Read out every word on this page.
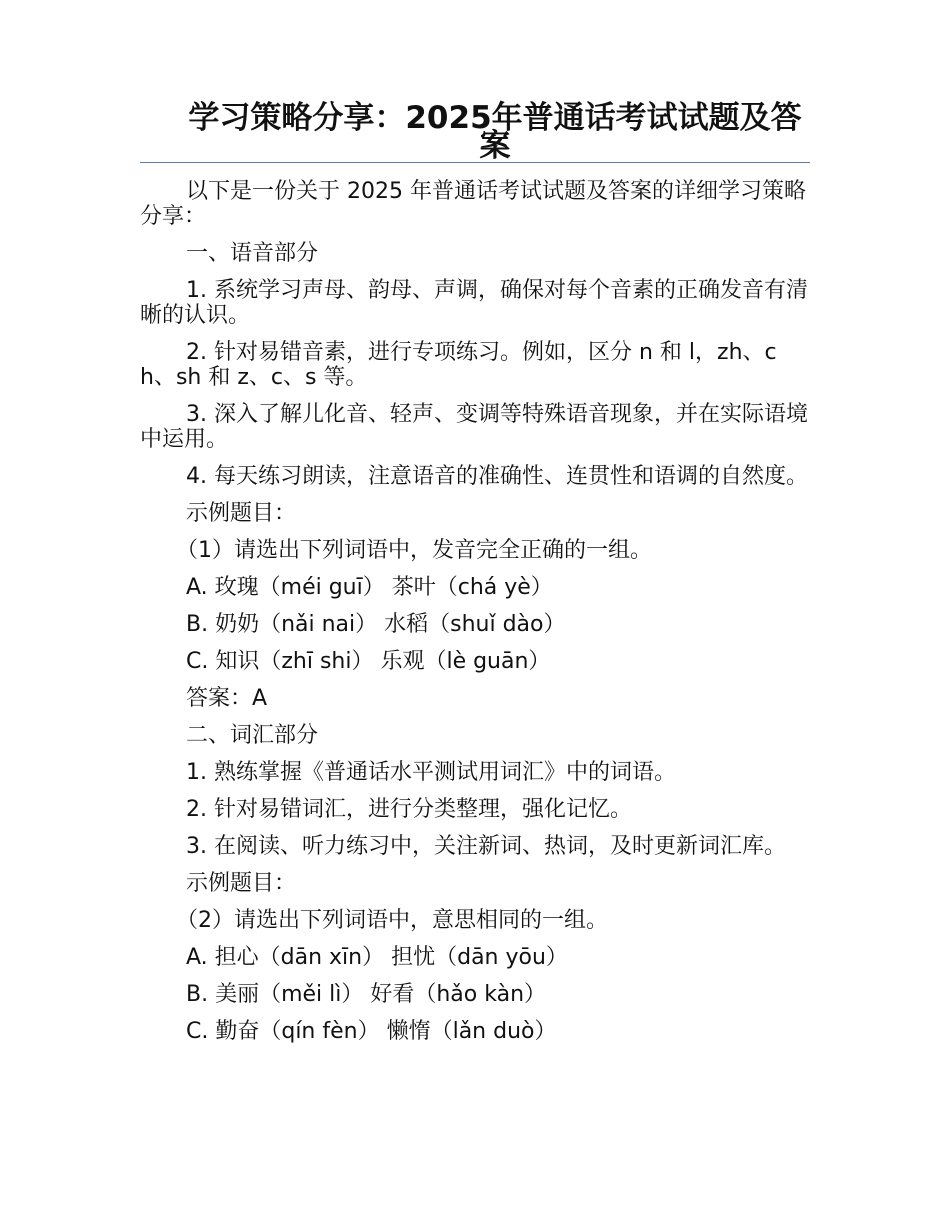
学习策略分享：2025年普通话考试试题及答案

以下是一份关于 2025 年普通话考试试题及答案的详细学习策略分享：

一、语音部分

1. 系统学习声母、韵母、声调，确保对每个音素的正确发音有清晰的认识。

2. 针对易错音素，进行专项练习。例如，区分 n 和 l，zh、ch、sh 和 z、c、s 等。

3. 深入了解儿化音、轻声、变调等特殊语音现象，并在实际语境中运用。

4. 每天练习朗读，注意语音的准确性、连贯性和语调的自然度。

示例题目：

（1）请选出下列词语中，发音完全正确的一组。

A. 玫瑰（méi guī） 茶叶（chá yè）

B. 奶奶（nǎi nai） 水稻（shuǐ dào）

C. 知识（zhī shi） 乐观（lè guān）

答案：A

二、词汇部分

1. 熟练掌握《普通话水平测试用词汇》中的词语。

2. 针对易错词汇，进行分类整理，强化记忆。

3. 在阅读、听力练习中，关注新词、热词，及时更新词汇库。

示例题目：

（2）请选出下列词语中，意思相同的一组。

A. 担心（dān xīn） 担忧（dān yōu）

B. 美丽（měi lì） 好看（hǎo kàn）

C. 勤奋（qín fèn） 懒惰（lǎn duò）
